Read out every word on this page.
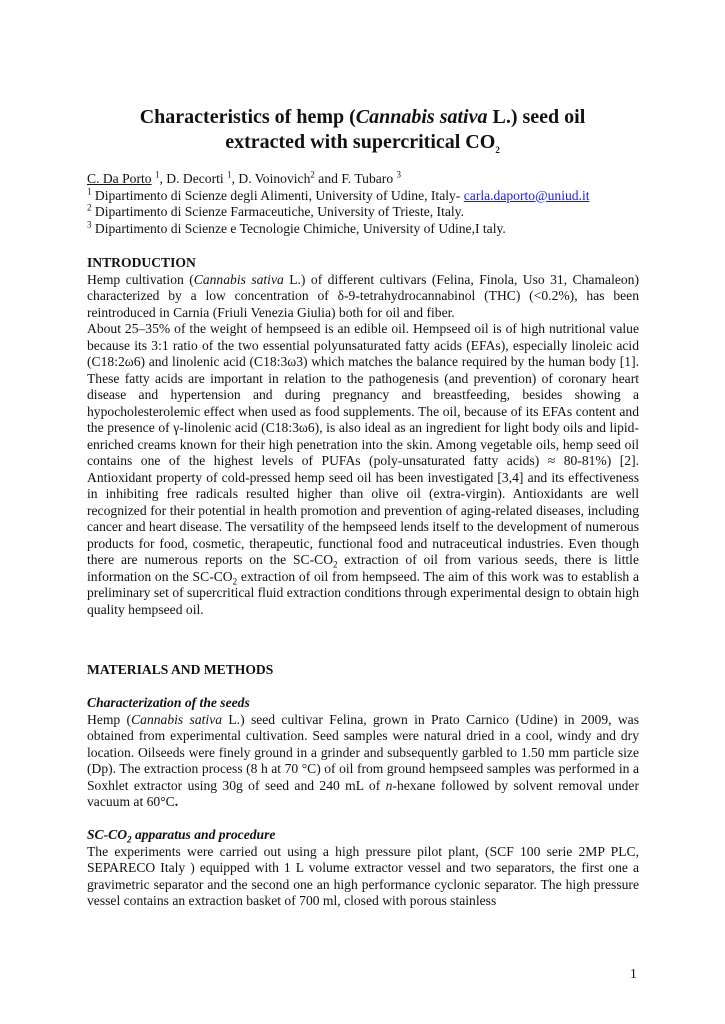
Characteristics of hemp (Cannabis sativa L.) seed oil
extracted with supercritical $CO_2$
C. Da Porto $^1$, D. Decorti $^1$, D. Voinovich$^2$ and F. Tubaro $^3$
$^1$ Dipartimento di Scienze degli Alimenti, University of Udine, Italy- carla.daporto@uniud.it
$^2$ Dipartimento di Scienze Farmaceutiche, University of Trieste, Italy.
$^3$ Dipartimento di Scienze e Tecnologie Chimiche, University of Udine,I taly.
INTRODUCTION
Hemp cultivation (Cannabis sativa L.) of different cultivars (Felina, Finola, Uso 31, Chamaleon) characterized by a low concentration of δ-9-tetrahydrocannabinol (THC) (<0.2%), has been reintroduced in Carnia (Friuli Venezia Giulia) both for oil and fiber.
About 25–35% of the weight of hempseed is an edible oil. Hempseed oil is of high nutritional value because its 3:1 ratio of the two essential polyunsaturated fatty acids (EFAs), especially linoleic acid (C18:2ω6) and linolenic acid (C18:3ω3) which matches the balance required by the human body [1]. These fatty acids are important in relation to the pathogenesis (and prevention) of coronary heart disease and hypertension and during pregnancy and breastfeeding, besides showing a hypocholesterolemic effect when used as food supplements. The oil, because of its EFAs content and the presence of γ-linolenic acid (C18:3ω6), is also ideal as an ingredient for light body oils and lipid-enriched creams known for their high penetration into the skin. Among vegetable oils, hemp seed oil contains one of the highest levels of PUFAs (poly-unsaturated fatty acids) ≈ 80-81%) [2]. Antioxidant property of cold-pressed hemp seed oil has been investigated [3,4] and its effectiveness in inhibiting free radicals resulted higher than olive oil (extra-virgin). Antioxidants are well recognized for their potential in health promotion and prevention of aging-related diseases, including cancer and heart disease. The versatility of the hempseed lends itself to the development of numerous products for food, cosmetic, therapeutic, functional food and nutraceutical industries. Even though there are numerous reports on the $SC-CO_2$ extraction of oil from various seeds, there is little information on the $SC-CO_2$ extraction of oil from hempseed. The aim of this work was to establish a preliminary set of supercritical fluid extraction conditions through experimental design to obtain high quality hempseed oil.
MATERIALS AND METHODS
Characterization of the seeds
Hemp (Cannabis sativa L.) seed cultivar Felina, grown in Prato Carnico (Udine) in 2009, was obtained from experimental cultivation. Seed samples were natural dried in a cool, windy and dry location. Oilseeds were finely ground in a grinder and subsequently garbled to 1.50 mm particle size (Dp). The extraction process (8 h at 70 °C) of oil from ground hempseed samples was performed in a Soxhlet extractor using 30g of seed and 240 mL of n-hexane followed by solvent removal under vacuum at 60°C.
$SC-CO_2$ apparatus and procedure
The experiments were carried out using a high pressure pilot plant, (SCF 100 serie 2MP PLC, SEPARECO Italy ) equipped with 1 L volume extractor vessel and two separators, the first one a gravimetric separator and the second one an high performance cyclonic separator. The high pressure vessel contains an extraction basket of 700 ml, closed with porous stainless
1
